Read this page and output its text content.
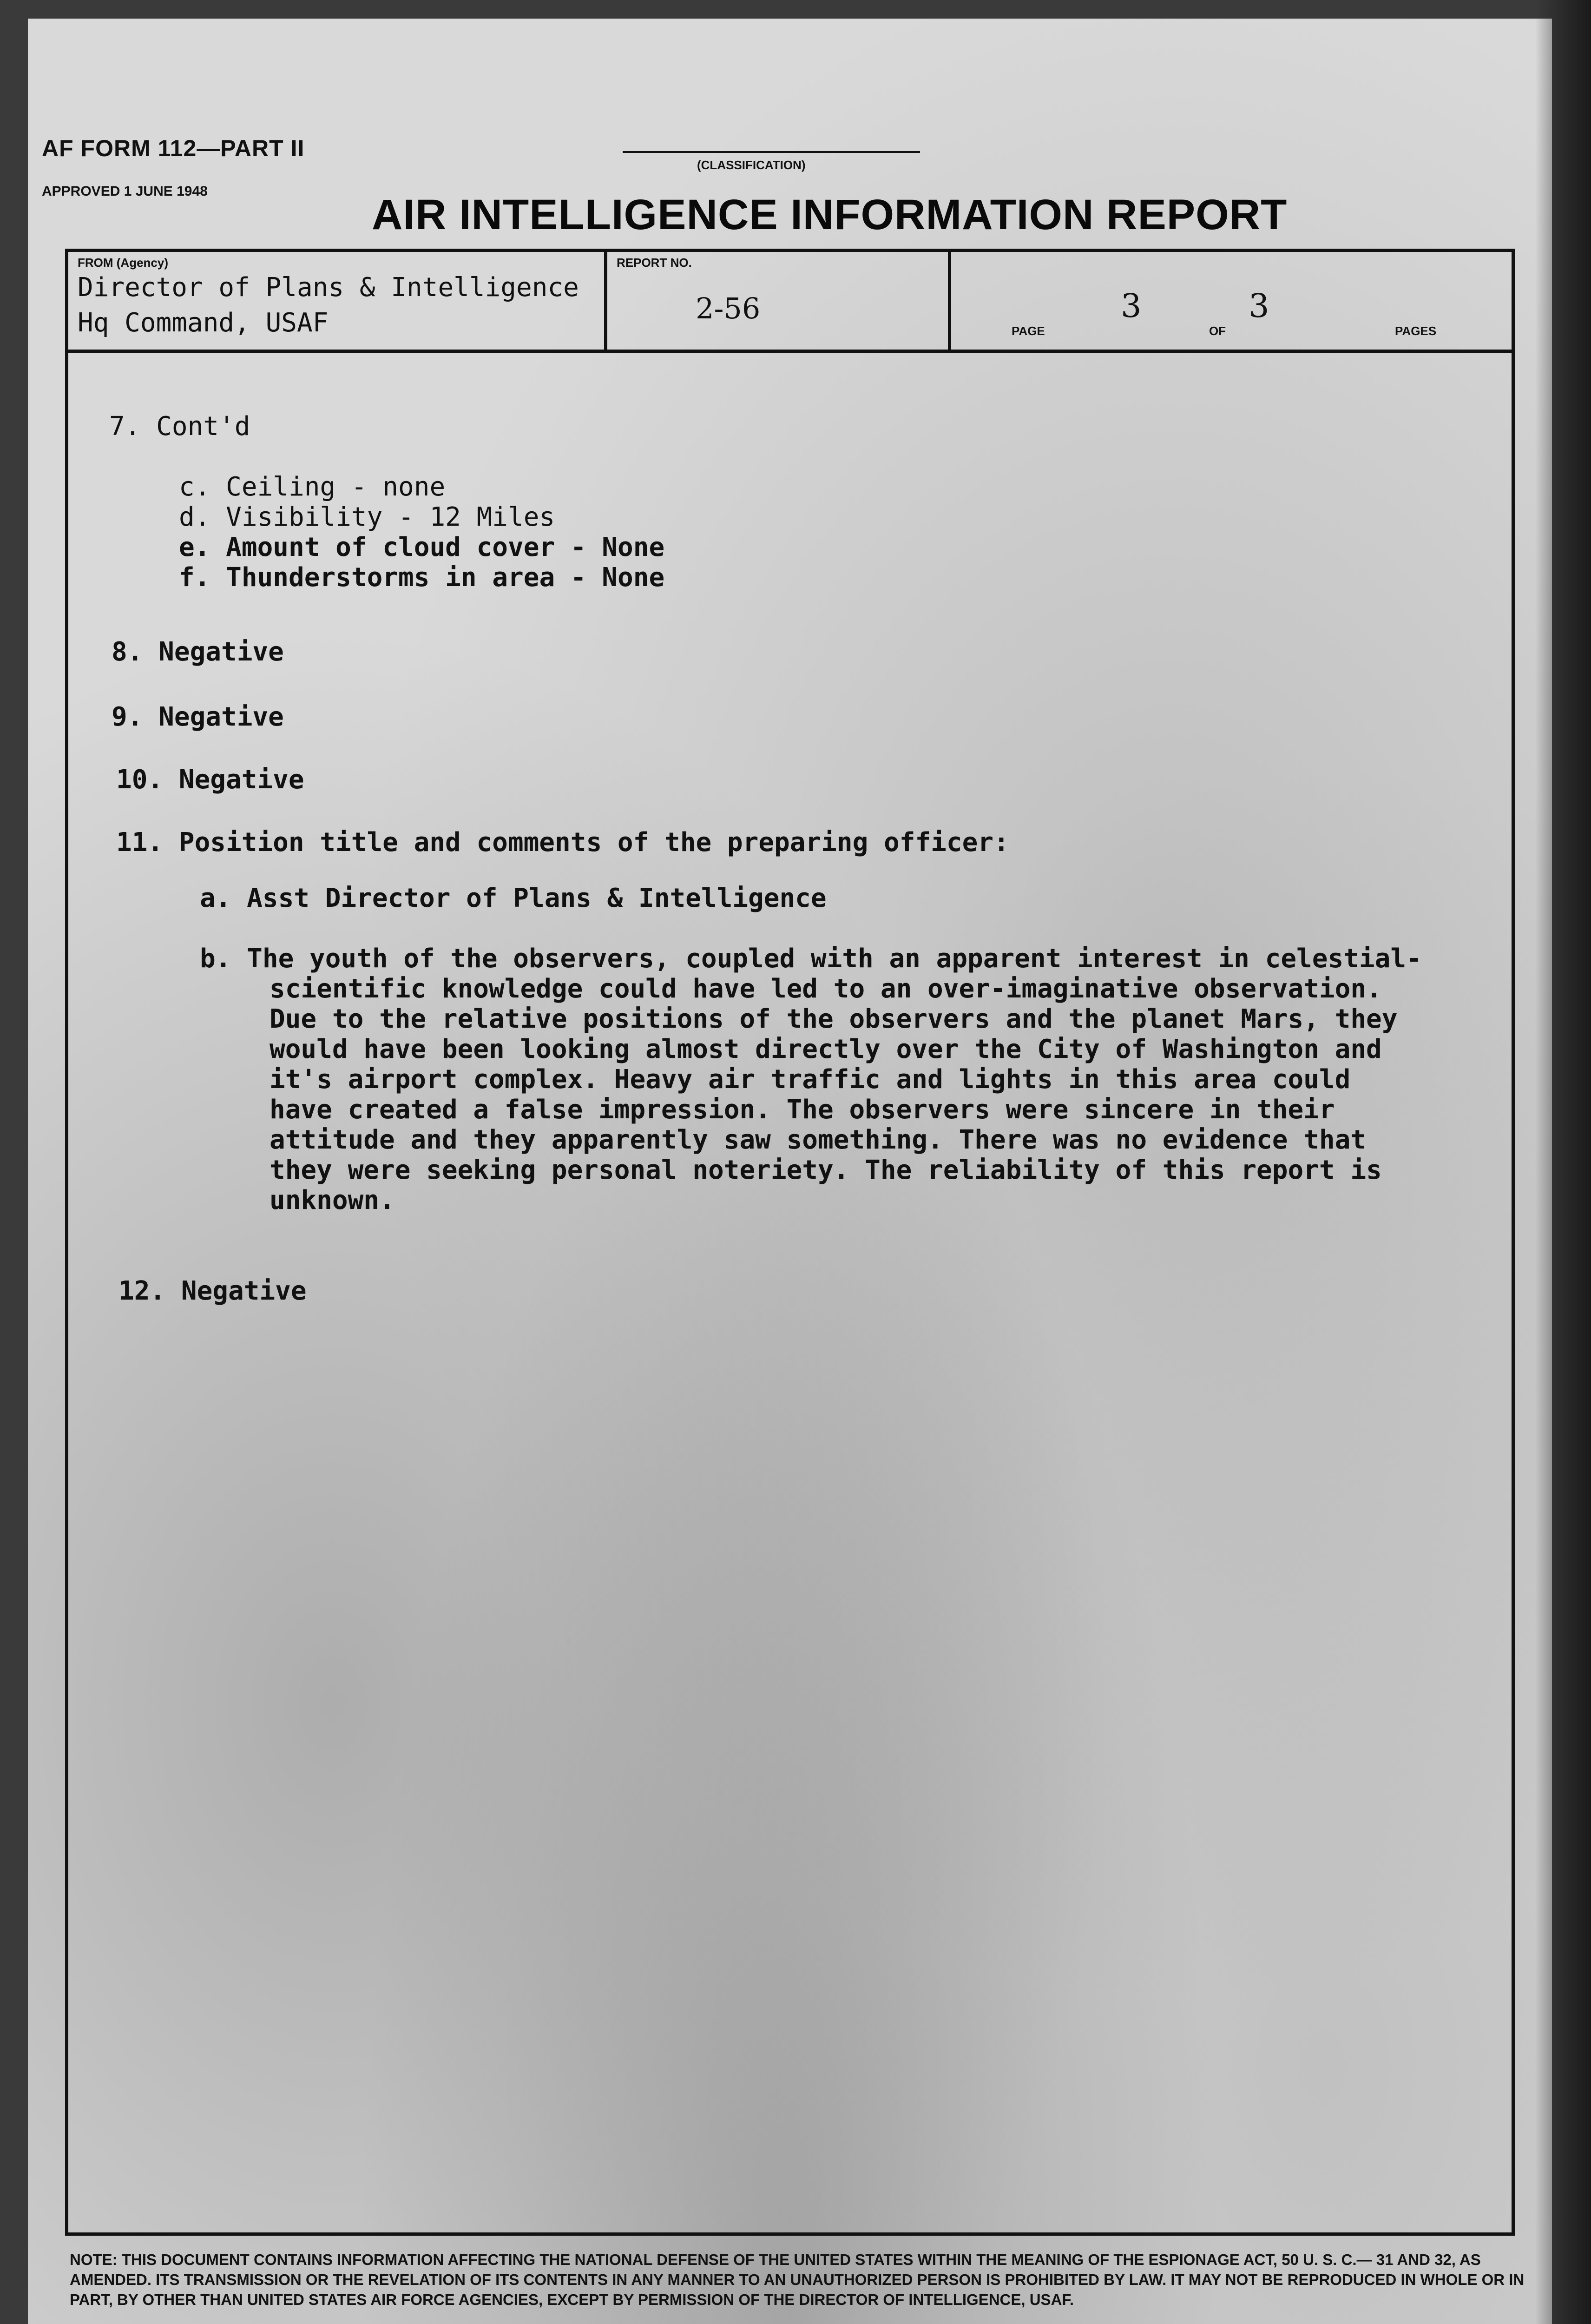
AF FORM 112—PART II
APPROVED 1 JUNE 1948
(CLASSIFICATION)
AIR INTELLIGENCE INFORMATION REPORT
FROM (Agency)
Director of Plans & Intelligence
Hq Command, USAF
REPORT NO.
2-56
PAGE
3
OF
3
PAGES
7. Cont'd
c. Ceiling - none
d. Visibility - 12 Miles
e. Amount of cloud cover - None
f. Thunderstorms in area - None
8. Negative
9. Negative
10. Negative
11. Position title and comments of the preparing officer:
a. Asst Director of Plans & Intelligence
b. The youth of the observers, coupled with an apparent interest in celestial-
scientific knowledge could have led to an over-imaginative observation.
Due to the relative positions of the observers and the planet Mars, they
would have been looking almost directly over the City of Washington and
it's airport complex. Heavy air traffic and lights in this area could
have created a false impression. The observers were sincere in their
attitude and they apparently saw something. There was no evidence that
they were seeking personal noteriety. The reliability of this report is
unknown.
12. Negative
NOTE: THIS DOCUMENT CONTAINS INFORMATION AFFECTING THE NATIONAL DEFENSE OF THE UNITED STATES WITHIN THE MEANING OF THE ESPIONAGE ACT, 50 U. S. C.— 31 AND 32, AS AMENDED. ITS TRANSMISSION OR THE REVELATION OF ITS CONTENTS IN ANY MANNER TO AN UNAUTHORIZED PERSON IS PROHIBITED BY LAW. IT MAY NOT BE REPRODUCED IN WHOLE OR IN PART, BY OTHER THAN UNITED STATES AIR FORCE AGENCIES, EXCEPT BY PERMISSION OF THE DIRECTOR OF INTELLIGENCE, USAF.
